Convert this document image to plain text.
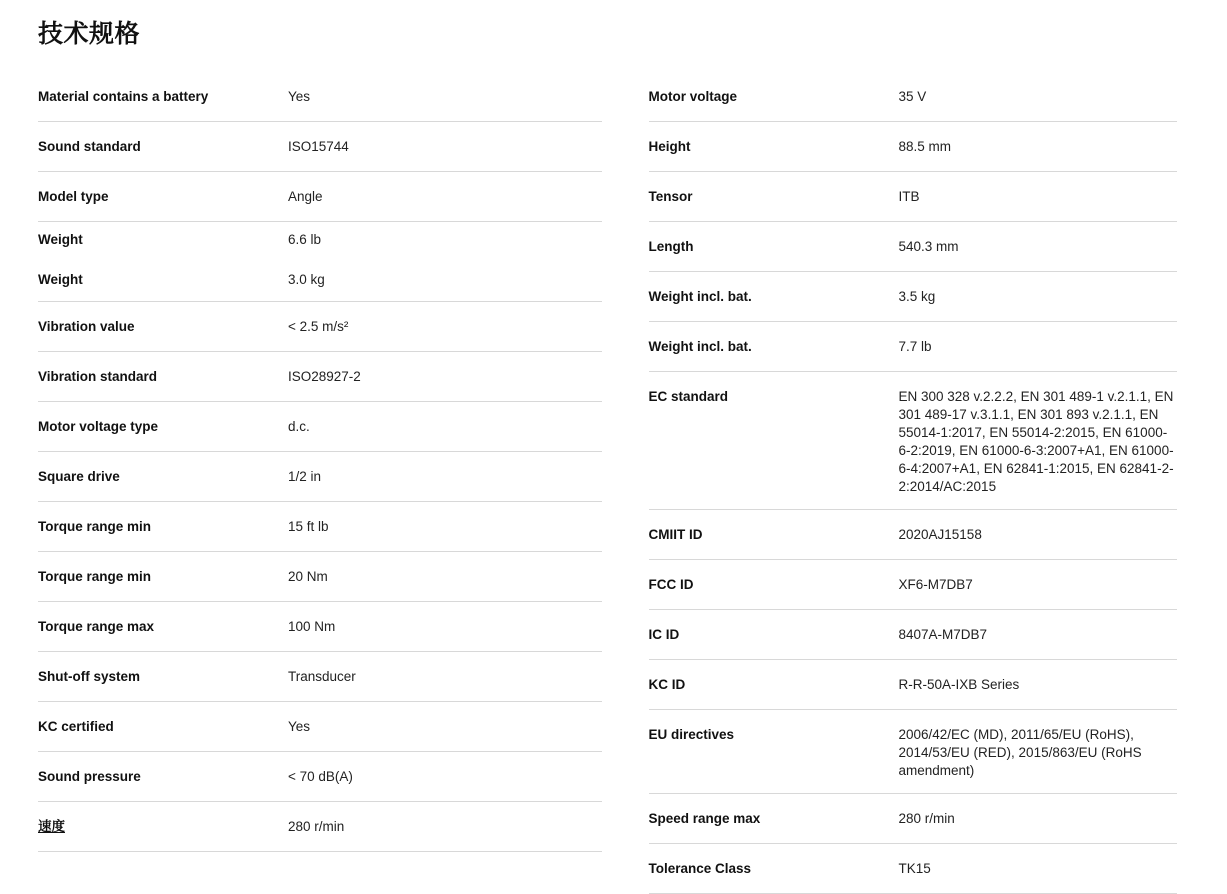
技术规格
Material contains a battery	Yes
Sound standard	ISO15744
Model type	Angle
Weight	6.6 lb
Weight	3.0 kg
Vibration value	< 2.5 m/s²
Vibration standard	ISO28927-2
Motor voltage type	d.c.
Square drive	1/2 in
Torque range min	15 ft lb
Torque range min	20 Nm
Torque range max	100 Nm
Shut-off system	Transducer
KC certified	Yes
Sound pressure	< 70 dB(A)
速度	280 r/min
Motor voltage	35 V
Height	88.5 mm
Tensor	ITB
Length	540.3 mm
Weight incl. bat.	3.5 kg
Weight incl. bat.	7.7 lb
EC standard	EN 300 328 v.2.2.2, EN 301 489-1 v.2.1.1, EN 301 489-17 v.3.1.1, EN 301 893 v.2.1.1, EN 55014-1:2017, EN 55014-2:2015, EN 61000-6-2:2019, EN 61000-6-3:2007+A1, EN 61000-6-4:2007+A1, EN 62841-1:2015, EN 62841-2-2:2014/AC:2015
CMIIT ID	2020AJ15158
FCC ID	XF6-M7DB7
IC ID	8407A-M7DB7
KC ID	R-R-50A-IXB Series
EU directives	2006/42/EC (MD), 2011/65/EU (RoHS), 2014/53/EU (RED), 2015/863/EU (RoHS amendment)
Speed range max	280 r/min
Tolerance Class	TK15
